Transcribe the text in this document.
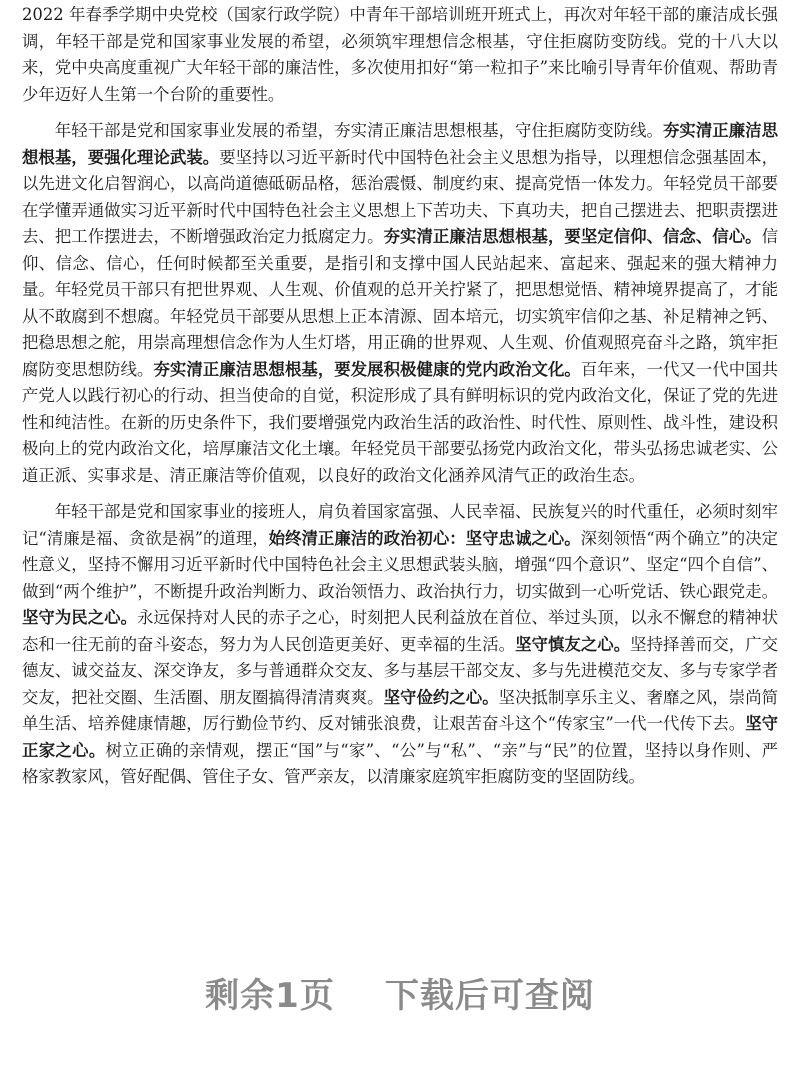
2022 年春季学期中央党校（国家行政学院）中青年干部培训班开班式上，再次对年轻干部的廉洁成长强调，年轻干部是党和国家事业发展的希望，必须筑牢理想信念根基，守住拒腐防变防线。党的十八大以来，党中央高度重视广大年轻干部的廉洁性，多次使用扣好“第一粒扣子”来比喻引导青年价值观、帮助青少年迈好人生第一个台阶的重要性。

年轻干部是党和国家事业发展的希望，夯实清正廉洁思想根基，守住拒腐防变防线。夯实清正廉洁思想根基，要强化理论武装。要坚持以习近平新时代中国特色社会主义思想为指导，以理想信念强基固本，以先进文化启智润心，以高尚道德砥砺品格，惩治震慑、制度约束、提高党悟一体发力。年轻党员干部要在学懂弄通做实习近平新时代中国特色社会主义思想上下苦功夫、下真功夫，把自己摆进去、把职责摆进去、把工作摆进去，不断增强政治定力抵腐定力。夯实清正廉洁思想根基，要坚定信仰、信念、信心。信仰、信念、信心，任何时候都至关重要，是指引和支撑中国人民站起来、富起来、强起来的强大精神力量。年轻党员干部只有把世界观、人生观、价值观的总开关拧紧了，把思想觉悟、精神境界提高了，才能从不敢腐到不想腐。年轻党员干部要从思想上正本清源、固本培元，切实筑牢信仰之基、补足精神之钙、把稳思想之舵，用崇高理想信念作为人生灯塔，用正确的世界观、人生观、价值观照亮奋斗之路，筑牢拒腐防变思想防线。夯实清正廉洁思想根基，要发展积极健康的党内政治文化。百年来，一代又一代中国共产党人以践行初心的行动、担当使命的自觉，积淀形成了具有鲜明标识的党内政治文化，保证了党的先进性和纯洁性。在新的历史条件下，我们要增强党内政治生活的政治性、时代性、原则性、战斗性，建设积极向上的党内政治文化，培厚廉洁文化土壤。年轻党员干部要弘扬党内政治文化，带头弘扬忠诚老实、公道正派、实事求是、清正廉洁等价值观，以良好的政治文化涵养风清气正的政治生态。

年轻干部是党和国家事业的接班人，肩负着国家富强、人民幸福、民族复兴的时代重任，必须时刻牢记“清廉是福、贪欲是祸”的道理，始终清正廉洁的政治初心：坚守忠诚之心。深刻领悟“两个确立”的决定性意义，坚持不懈用习近平新时代中国特色社会主义思想武装头脑，增强“四个意识”、坚定“四个自信”、做到“两个维护”，不断提升政治判断力、政治领悟力、政治执行力，切实做到一心听党话、铁心跟党走。坚守为民之心。永远保持对人民的赤子之心，时刻把人民利益放在首位、举过头顶，以永不懈怠的精神状态和一往无前的奋斗姿态，努力为人民创造更美好、更幸福的生活。坚守慎友之心。坚持择善而交，广交德友、诚交益友、深交诤友，多与普通群众交友、多与基层干部交友、多与先进模范交友、多与专家学者交友，把社交圈、生活圈、朋友圈搞得清清爽爽。坚守俭约之心。坚决抵制享乐主义、奢靡之风，崇尚简单生活、培养健康情趣，厉行勤俭节约、反对铺张浪费，让艰苦奋斗这个“传家宝”一代一代传下去。坚守正家之心。树立正确的亲情观，摆正“国”与“家”、“公”与“私”、“亲”与“民”的位置，坚持以身作则、严格家教家风，管好配偶、管住子女、管严亲友，以清廉家庭筑牢拒腐防变的坚固防线。

剩余1页 下载后可查阅
